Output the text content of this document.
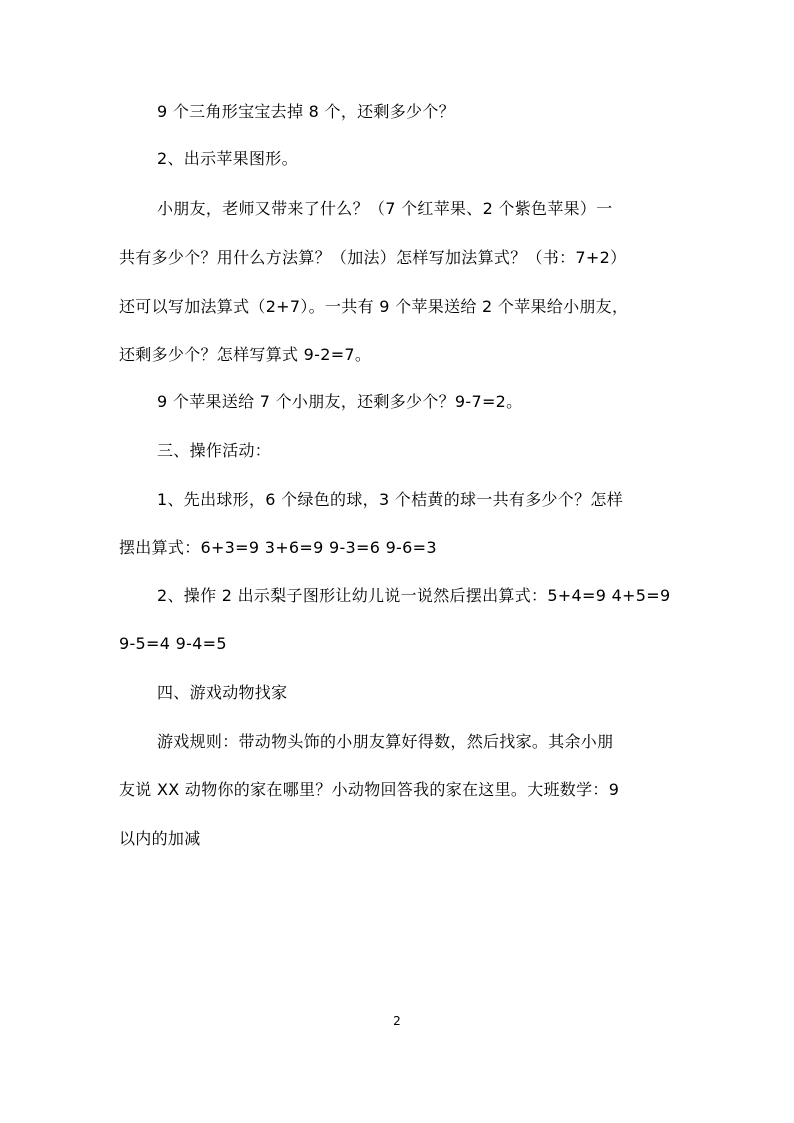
9 个三角形宝宝去掉 8 个，还剩多少个？
2、出示苹果图形。
小朋友，老师又带来了什么？（7 个红苹果、2 个紫色苹果）一
共有多少个？用什么方法算？（加法）怎样写加法算式？（书：7+2）
还可以写加法算式（2+7）。一共有 9 个苹果送给 2 个苹果给小朋友，
还剩多少个？怎样写算式 9-2=7。
9 个苹果送给 7 个小朋友，还剩多少个？9-7=2。
三、操作活动：
1、先出球形，6 个绿色的球，3 个桔黄的球一共有多少个？怎样
摆出算式：6+3=9 3+6=9 9-3=6 9-6=3
2、操作 2 出示梨子图形让幼儿说一说然后摆出算式：5+4=9 4+5=9
9-5=4 9-4=5
四、游戏动物找家
游戏规则：带动物头饰的小朋友算好得数，然后找家。其余小朋
友说 XX 动物你的家在哪里？小动物回答我的家在这里。大班数学：9
以内的加减
2
